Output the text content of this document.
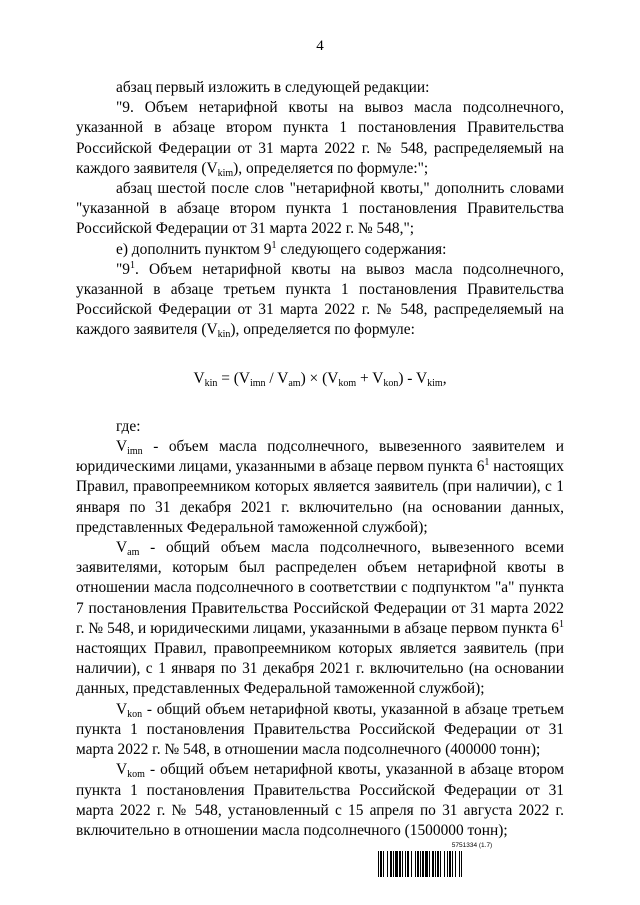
4

абзац первый изложить в следующей редакции:

"9. Объем нетарифной квоты на вывоз масла подсолнечного, указанной в абзаце втором пункта 1 постановления Правительства Российской Федерации от 31 марта 2022 г. № 548, распределяемый на каждого заявителя $(V_{kim})$, определяется по формуле:";

абзац шестой после слов "нетарифной квоты," дополнить словами "указанной в абзаце втором пункта 1 постановления Правительства Российской Федерации от 31 марта 2022 г. № 548,";

е) дополнить пунктом $9^1$ следующего содержания:

"$9^1$. Объем нетарифной квоты на вывоз масла подсолнечного, указанной в абзаце третьем пункта 1 постановления Правительства Российской Федерации от 31 марта 2022 г. № 548, распределяемый на каждого заявителя $(V_{kin})$, определяется по формуле:

$V_{kin} = (V_{imn} / V_{am}) \times (V_{kom} + V_{kon}) - V_{kim}$,

где:

$V_{imn}$ - объем масла подсолнечного, вывезенного заявителем и юридическими лицами, указанными в абзаце первом пункта $6^1$ настоящих Правил, правопреемником которых является заявитель (при наличии), с 1 января по 31 декабря 2021 г. включительно (на основании данных, представленных Федеральной таможенной службой);

$V_{am}$ - общий объем масла подсолнечного, вывезенного всеми заявителями, которым был распределен объем нетарифной квоты в отношении масла подсолнечного в соответствии с подпунктом "а" пункта 7 постановления Правительства Российской Федерации от 31 марта 2022 г. № 548, и юридическими лицами, указанными в абзаце первом пункта $6^1$ настоящих Правил, правопреемником которых является заявитель (при наличии), с 1 января по 31 декабря 2021 г. включительно (на основании данных, представленных Федеральной таможенной службой);

$V_{kon}$ - общий объем нетарифной квоты, указанной в абзаце третьем пункта 1 постановления Правительства Российской Федерации от 31 марта 2022 г. № 548, в отношении масла подсолнечного (400000 тонн);

$V_{kom}$ - общий объем нетарифной квоты, указанной в абзаце втором пункта 1 постановления Правительства Российской Федерации от 31 марта 2022 г. № 548, установленный с 15 апреля по 31 августа 2022 г. включительно в отношении масла подсолнечного (1500000 тонн);

5751334 (1.7)
